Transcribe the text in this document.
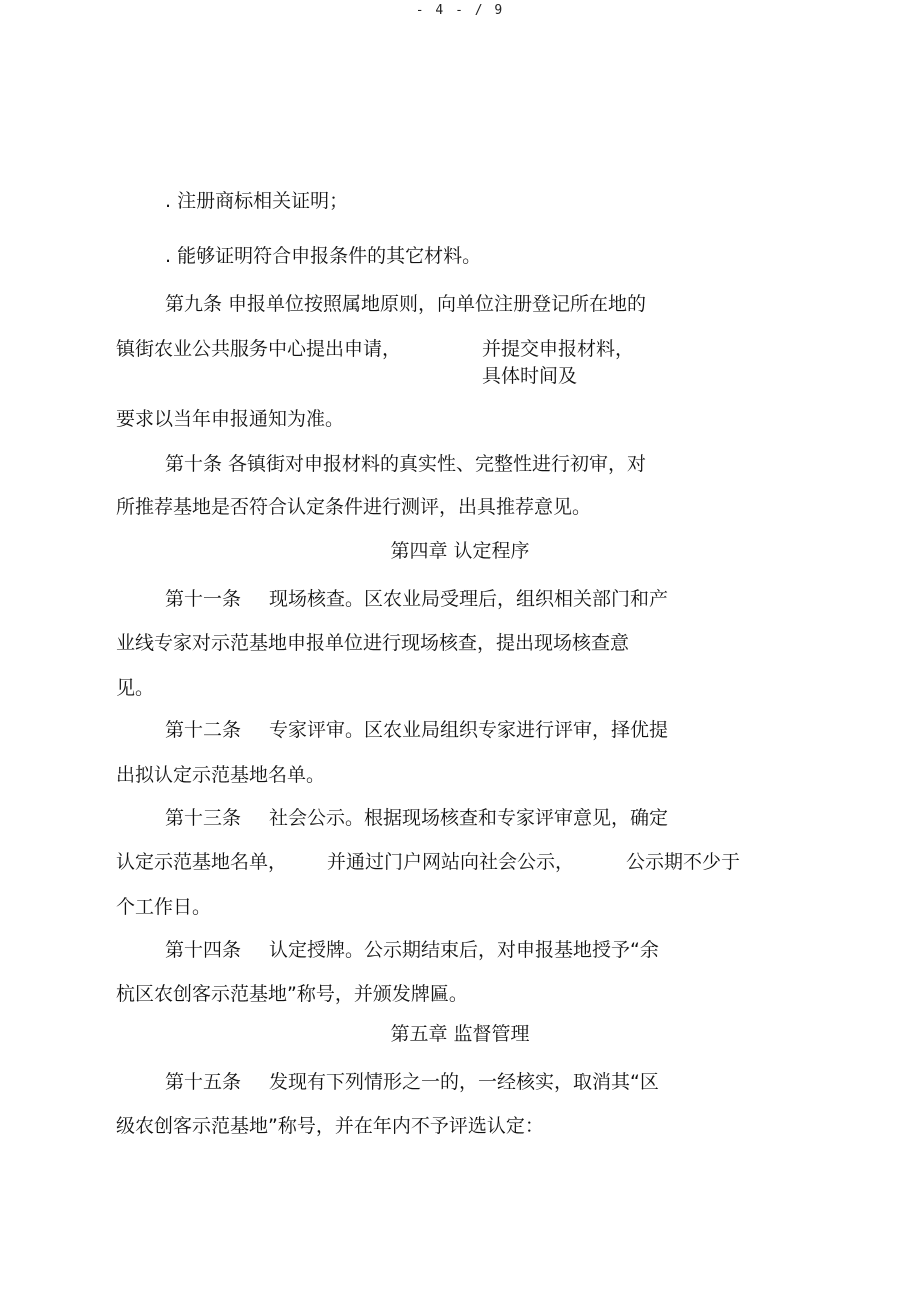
- 4 - / 9
. 注册商标相关证明；
. 能够证明符合申报条件的其它材料。
第九条 申报单位按照属地原则，向单位注册登记所在地的
镇街农业公共服务中心提出申请，	并提交申报材料，
具体时间及
要求以当年申报通知为准。
第十条 各镇街对申报材料的真实性、完整性进行初审，对
所推荐基地是否符合认定条件进行测评，出具推荐意见。
第四章 认定程序
第十一条 现场核查。区农业局受理后，组织相关部门和产
业线专家对示范基地申报单位进行现场核查，提出现场核查意
见。
第十二条 专家评审。区农业局组织专家进行评审，择优提
出拟认定示范基地名单。
第十三条 社会公示。根据现场核查和专家评审意见，确定
认定示范基地名单， 并通过门户网站向社会公示，	公示期不少于
个工作日。
第十四条 认定授牌。公示期结束后，对申报基地授予“余
杭区农创客示范基地”称号，并颁发牌匾。
第五章 监督管理
第十五条 发现有下列情形之一的，一经核实，取消其“区
级农创客示范基地”称号，并在年内不予评选认定：
